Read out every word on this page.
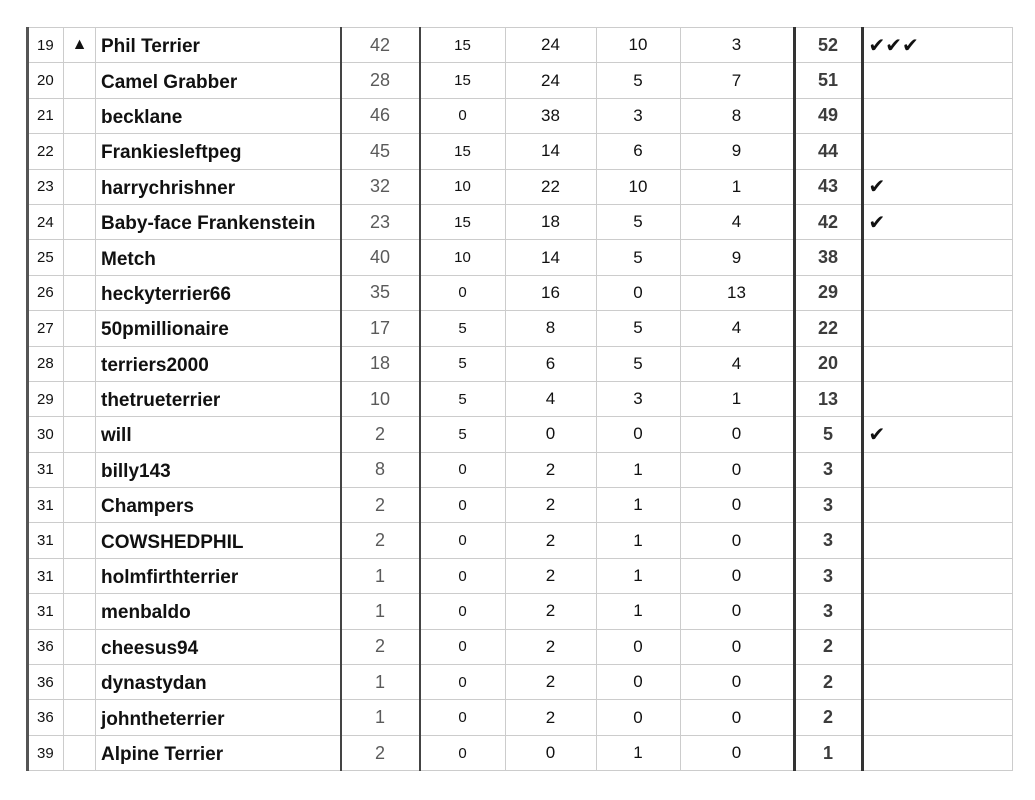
19	▲	Phil Terrier	42	15	24	10	3	52	✔✔✔
20		Camel Grabber	28	15	24	5	7	51	
21		becklane	46	0	38	3	8	49	
22		Frankiesleftpeg	45	15	14	6	9	44	
23		harrychrishner	32	10	22	10	1	43	✔
24		Baby-face Frankenstein	23	15	18	5	4	42	✔
25		Metch	40	10	14	5	9	38	
26		heckyterrier66	35	0	16	0	13	29	
27		50pmillionaire	17	5	8	5	4	22	
28		terriers2000	18	5	6	5	4	20	
29		thetrueterrier	10	5	4	3	1	13	
30		will	2	5	0	0	0	5	✔
31		billy143	8	0	2	1	0	3	
31		Champers	2	0	2	1	0	3	
31		COWSHEDPHIL	2	0	2	1	0	3	
31		holmfirthterrier	1	0	2	1	0	3	
31		menbaldo	1	0	2	1	0	3	
36		cheesus94	2	0	2	0	0	2	
36		dynastydan	1	0	2	0	0	2	
36		johntheterrier	1	0	2	0	0	2	
39		Alpine Terrier	2	0	0	1	0	1	
